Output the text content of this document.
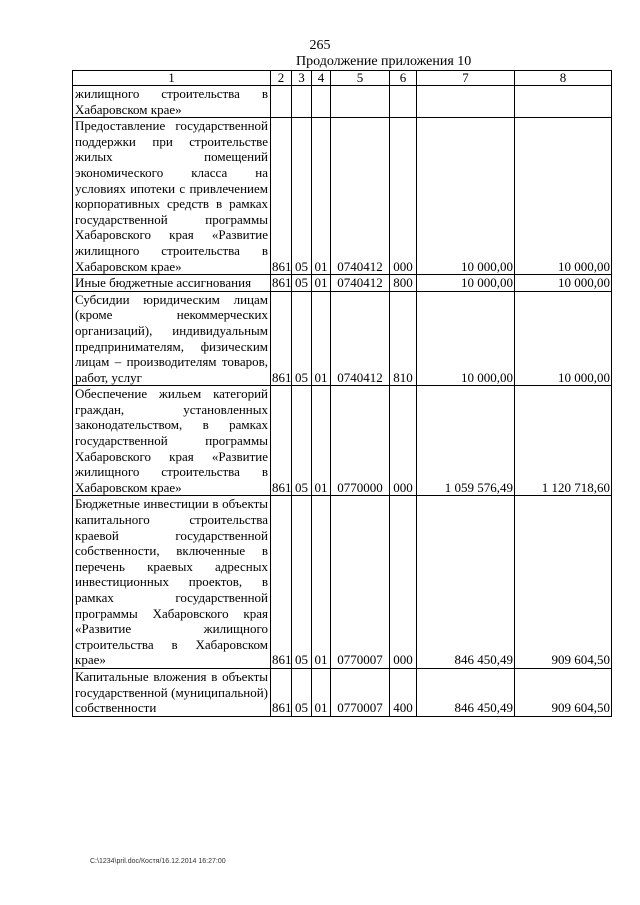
265
Продолжение приложения 10
1	2	3	4	5	6	7	8
жилищного строительства в Хабаровском крае»							
Предоставление государственной поддержки при строительстве жилых помещений экономического класса на условиях ипотеки с привлечением корпоративных средств в рамках государственной программы Хабаровского края «Развитие жилищного строительства в Хабаровском крае»	861	05	01	0740412	000	10 000,00	10 000,00
Иные бюджетные ассигнования	861	05	01	0740412	800	10 000,00	10 000,00
Субсидии юридическим лицам (кроме некоммерческих организаций), индивидуальным предпринимателям, физическим лицам – производителям товаров, работ, услуг	861	05	01	0740412	810	10 000,00	10 000,00
Обеспечение жильем категорий граждан, установленных законодательством, в рамках государственной программы Хабаровского края «Развитие жилищного строительства в Хабаровском крае»	861	05	01	0770000	000	1 059 576,49	1 120 718,60
Бюджетные инвестиции в объекты капитального строительства краевой государственной собственности, включенные в перечень краевых адресных инвестиционных проектов, в рамках государственной программы Хабаровского края «Развитие жилищного строительства в Хабаровском крае»	861	05	01	0770007	000	846 450,49	909 604,50
Капитальные вложения в объекты государственной (муниципальной) собственности	861	05	01	0770007	400	846 450,49	909 604,50
C:\1234\pril.doc/Костя/16.12.2014 16:27:00
